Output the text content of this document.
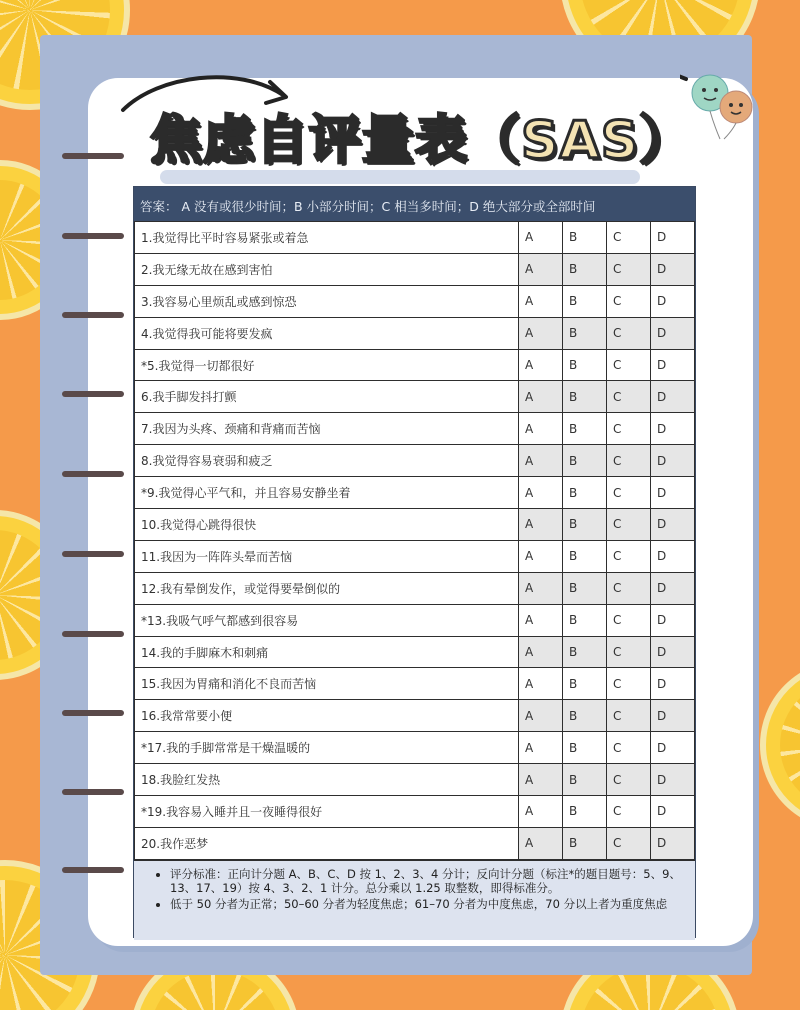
焦虑自评量表（SAS）
答案： A 没有或很少时间；B 小部分时间；C 相当多时间；D 绝大部分或全部时间
1.我觉得比平时容易紧张或着急	A	B	C	D
2.我无缘无故在感到害怕	A	B	C	D
3.我容易心里烦乱或感到惊恐	A	B	C	D
4.我觉得我可能将要发疯	A	B	C	D
*5.我觉得一切都很好	A	B	C	D
6.我手脚发抖打颤	A	B	C	D
7.我因为头疼、颈痛和背痛而苦恼	A	B	C	D
8.我觉得容易衰弱和疲乏	A	B	C	D
*9.我觉得心平气和，并且容易安静坐着	A	B	C	D
10.我觉得心跳得很快	A	B	C	D
11.我因为一阵阵头晕而苦恼	A	B	C	D
12.我有晕倒发作，或觉得要晕倒似的	A	B	C	D
*13.我吸气呼气都感到很容易	A	B	C	D
14.我的手脚麻木和刺痛	A	B	C	D
15.我因为胃痛和消化不良而苦恼	A	B	C	D
16.我常常要小便	A	B	C	D
*17.我的手脚常常是干燥温暖的	A	B	C	D
18.我脸红发热	A	B	C	D
*19.我容易入睡并且一夜睡得很好	A	B	C	D
20.我作恶梦	A	B	C	D
• 评分标准：正向计分题 A、B、C、D 按 1、2、3、4 分计；反向计分题（标注*的题目题号：5、9、13、17、19）按 4、3、2、1 计分。总分乘以 1.25 取整数，即得标准分。
• 低于 50 分者为正常；50–60 分者为轻度焦虑；61–70 分者为中度焦虑，70 分以上者为重度焦虑
